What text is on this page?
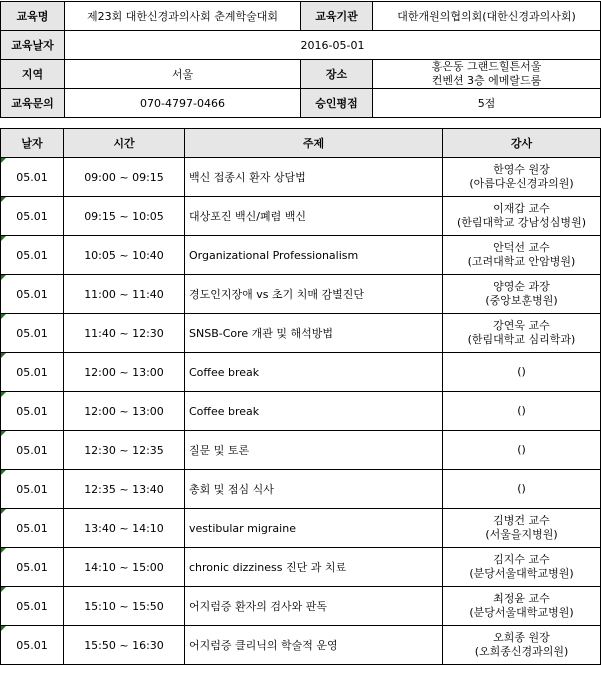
교육명	제23회 대한신경과의사회 춘계학술대회	교육기관	대한개원의협의회(대한신경과의사회)
교육날자	2016-05-01		
지역	서울	장소	홍은동 그랜드힐튼서울
컨벤션 3층 에메랄드룸

교육문의	070-4797-0466	승인평점	5점
날자	시간	주제	강사
05.01	09:00 ~ 09:15	백신 접종시 환자 상담법	한영수 원장
(아름다운신경과의원)

05.01	09:15 ~ 10:05	대상포진 백신/폐렴 백신	이재갑 교수
(한림대학교 강남성심병원)

05.01	10:05 ~ 10:40	Organizational Professionalism	안덕선 교수
(고려대학교 안암병원)

05.01	11:00 ~ 11:40	경도인지장애 vs 초기 치매 감별진단	양영순 과장
(중앙보훈병원)

05.01	11:40 ~ 12:30	SNSB-Core 개관 및 해석방법	강연욱 교수
(한림대학교 심리학과)

05.01	12:00 ~ 13:00	Coffee break	()

05.01	12:00 ~ 13:00	Coffee break	()

05.01	12:30 ~ 12:35	질문 및 토론	()

05.01	12:35 ~ 13:40	총회 및 점심 식사	()

05.01	13:40 ~ 14:10	vestibular migraine	김병건 교수
(서울을지병원)

05.01	14:10 ~ 15:00	chronic dizziness 진단 과 치료	김지수 교수
(분당서울대학교병원)

05.01	15:10 ~ 15:50	어지럼증 환자의 검사와 판독	최정윤 교수
(분당서울대학교병원)

05.01	15:50 ~ 16:30	어지럼증 클리닉의 학술적 운영	오희종 원장
(오희종신경과의원)
